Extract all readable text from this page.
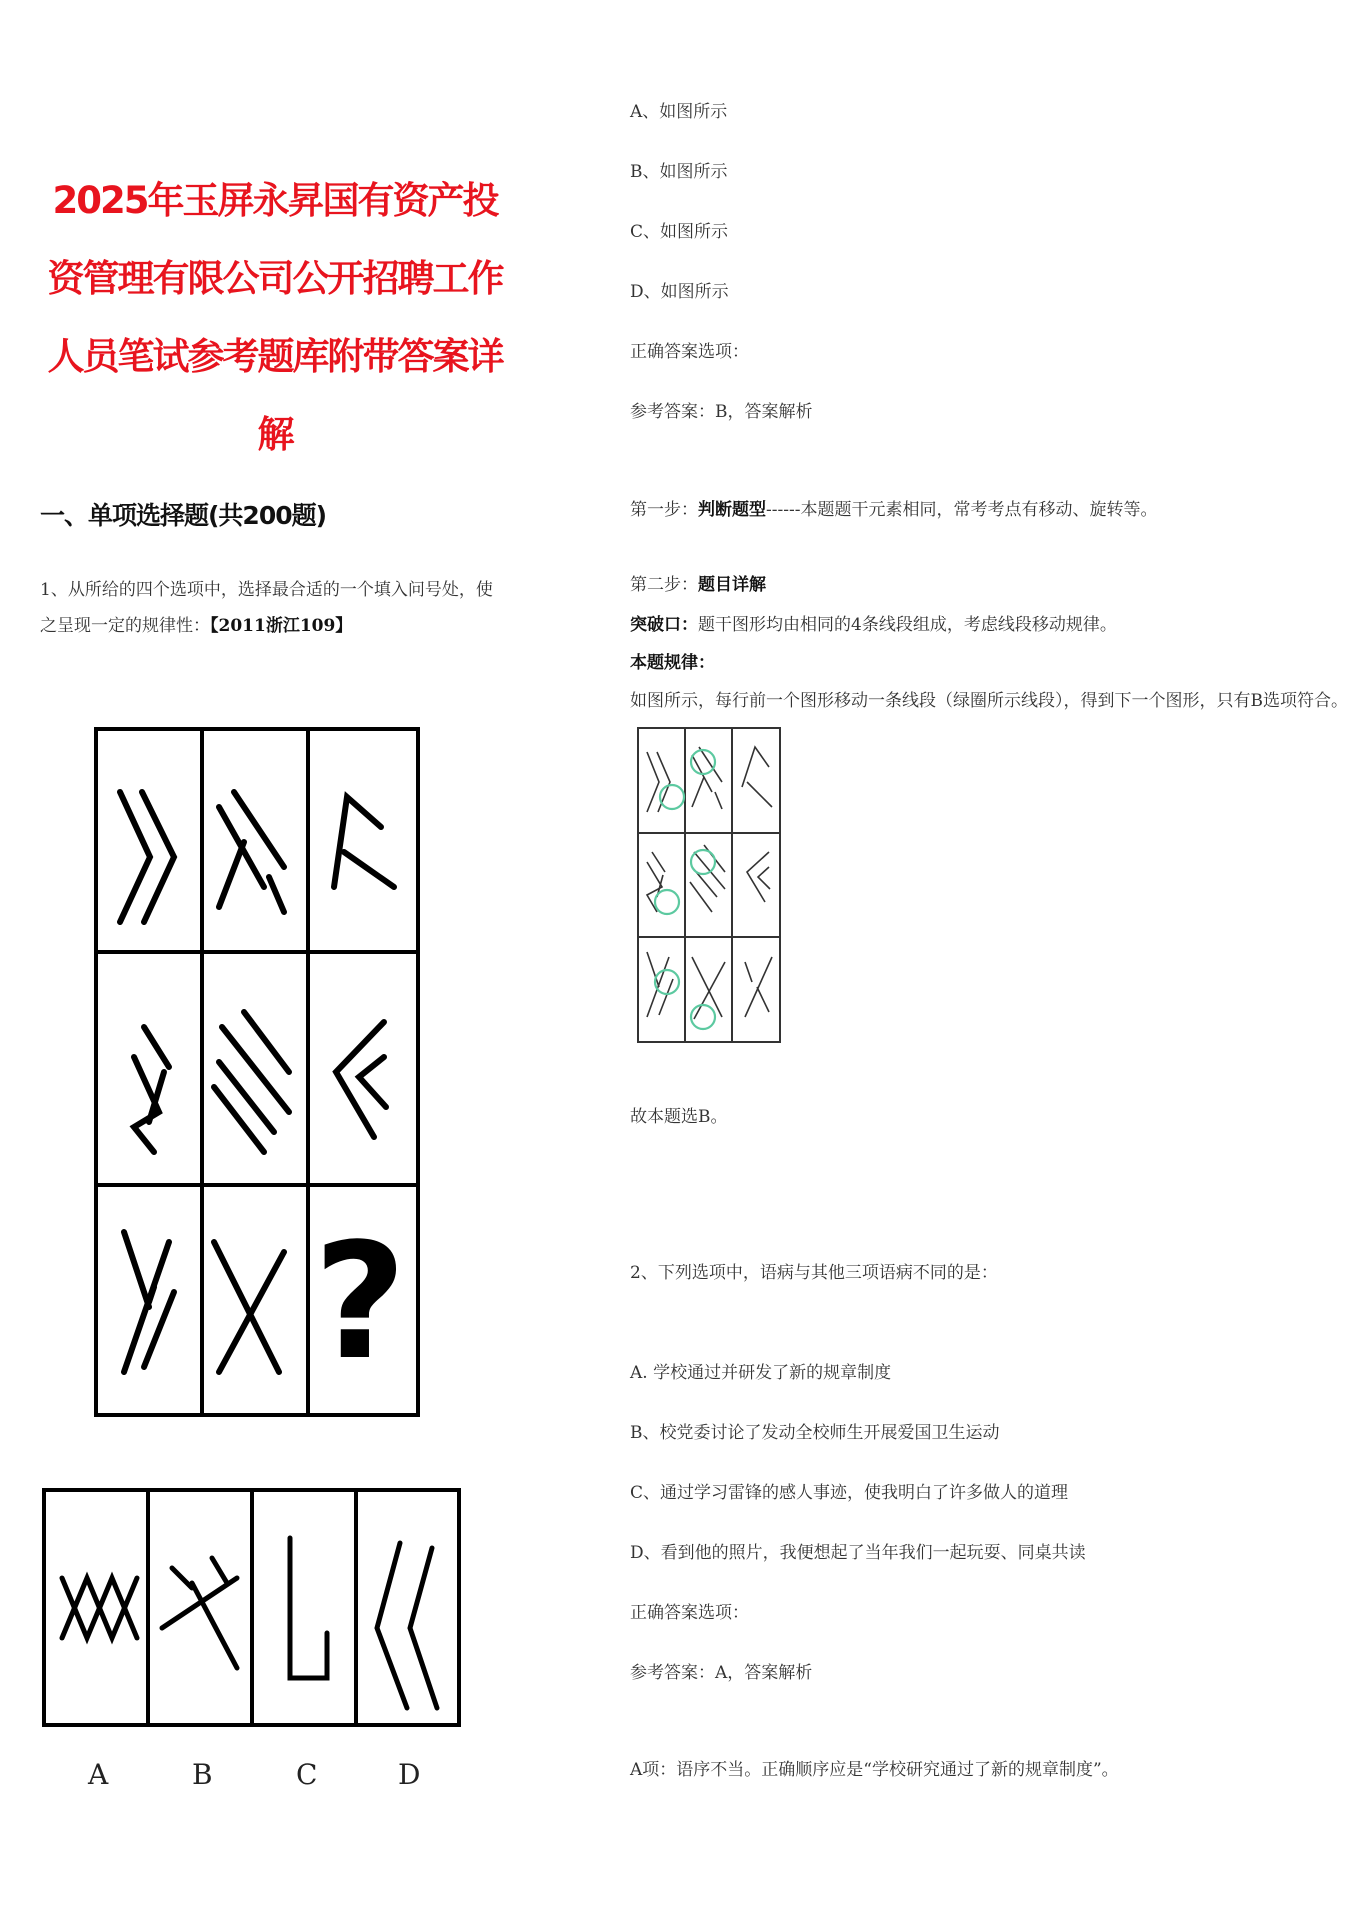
2025年玉屏永昇国有资产投资管理有限公司公开招聘工作人员笔试参考题库附带答案详解
一、单项选择题(共200题)
1、从所给的四个选项中，选择最合适的一个填入问号处，使之呈现一定的规律性：【2011浙江109】
?
A	B	C	D
A、如图所示
B、如图所示
C、如图所示
D、如图所示
正确答案选项：
参考答案：B，答案解析
第一步：判断题型------本题题干元素相同，常考考点有移动、旋转等。
第二步：题目详解
突破口：题干图形均由相同的4条线段组成，考虑线段移动规律。
本题规律：
如图所示，每行前一个图形移动一条线段（绿圈所示线段），得到下一个图形，只有B选项符合。
故本题选B。
2、下列选项中，语病与其他三项语病不同的是：
A. 学校通过并研发了新的规章制度
B、校党委讨论了发动全校师生开展爱国卫生运动
C、通过学习雷锋的感人事迹，使我明白了许多做人的道理
D、看到他的照片，我便想起了当年我们一起玩耍、同桌共读
正确答案选项：
参考答案：A，答案解析
A项：语序不当。正确顺序应是“学校研究通过了新的规章制度”。
